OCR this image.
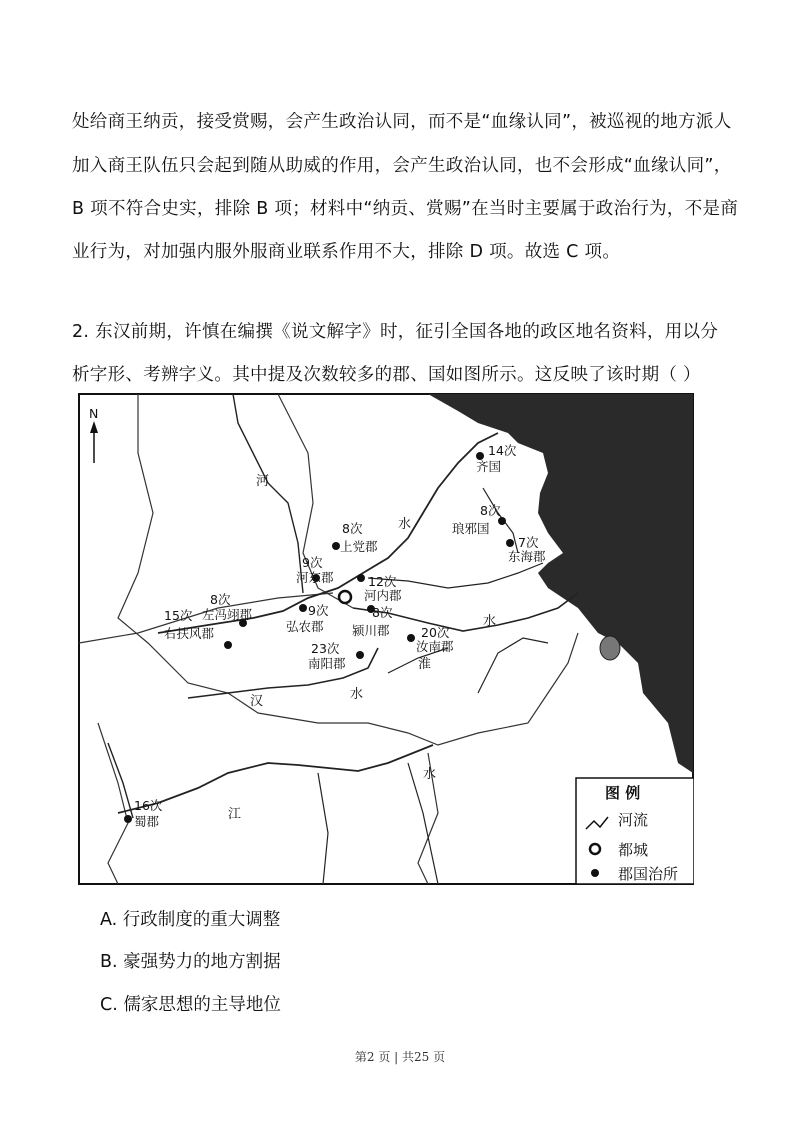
处给商王纳贡，接受赏赐，会产生政治认同，而不是“血缘认同”，被巡视的地方派人
加入商王队伍只会起到随从助威的作用，会产生政治认同，也不会形成“血缘认同”，
B 项不符合史实，排除 B 项；材料中“纳贡、赏赐”在当时主要属于政治行为，不是商
业行为，对加强内服外服商业联系作用不大，排除 D 项。故选 C 项。
2. 东汉前期，许慎在编撰《说文解字》时，征引全国各地的政区地名资料，用以分
析字形、考辨字义。其中提及次数较多的郡、国如图所示。这反映了该时期（ ）
N
河
水
水
汉	水
水
江
14次
齐国
8次
琅邪国
7次
东海郡
8次
上党郡
9次
河东郡	12次
河内郡
8次
左冯翊郡
15次
右扶风郡
9次
弘农郡
8次
颍川郡	20次
汝南郡
23次
南阳郡
16次
蜀郡
淮
图 例
河流
都城
郡国治所
A. 行政制度的重大调整
B. 豪强势力的地方割据
C. 儒家思想的主导地位
第2 页 | 共25 页
